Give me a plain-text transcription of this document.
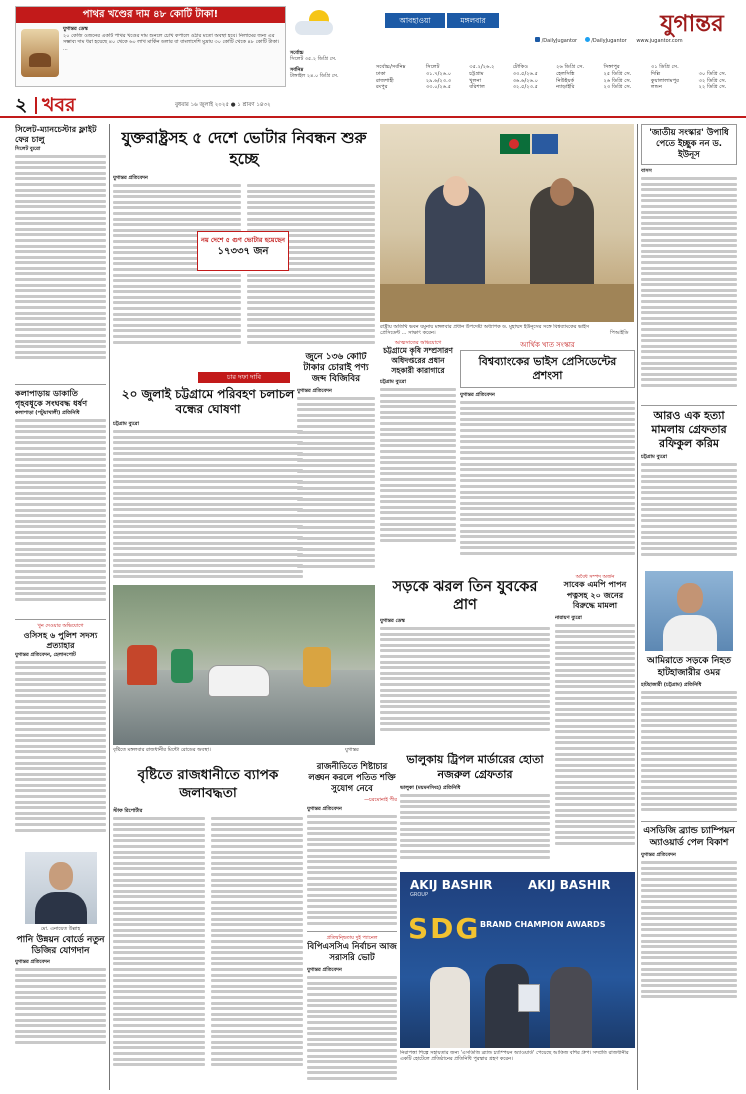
পাথর খণ্ডের দাম ৪৮ কোটি টাকা!
যুগান্তর ডেস্ক
২০ কেজি ওজনের একটি পাথর খণ্ডের দাম শুনলে চোখ কপালে ওঠার মতো অবস্থা হবে। নিলামের জন্য এর সম্ভাব্য দাম ধরা হয়েছে ৪০ থেকে ৬০ লাখ মার্কিন ডলার বা বাংলাদেশি মুদ্রায় ৩০ কোটি থেকে ৪৮ কোটি টাকা। ...
আবহাওয়া	মঙ্গলবার	যুগান্তর
/DailyJugantor	/DailyJugantor www.jugantor.com
সর্বোচ্চ
সিলেট ৩৫.২ ডিগ্রি সে.
সর্বনিম্ন
টাঙ্গাইল ২৪.০ ডিগ্রি সে.
সর্বোচ্চ/সর্বনিম্ন	সিলেট	৩৫.২/২৬.২	টোকিও	২৬ ডিগ্রি সে.	সিঙ্গাপুর	৩১ ডিগ্রি সে.	
ঢাকা	৩১.৭/২৬.০	চট্টগ্রাম	৩৩.৫/২৬.৫	হেলসিঙ্কি	২৫ ডিগ্রি সে.	দিল্লি	৩০ ডিগ্রি সে.
রাজশাহী	২৯.৬/২৩.৩	খুলনা	৩৬.৬/২৬.০	নিউইয়র্ক	২৬ ডিগ্রি সে.	কুয়ালালামপুর	৩২ ডিগ্রি সে.
রংপুর	৩৩.০/২৬.৫	বরিশাল	৩২.৫/২৩.৫	ন্যাড়াইরি	২৩ ডিগ্রি সে.	লন্ডন	২২ ডিগ্রি সে.
২ খবর	বুধবার ১৬ জুলাই ২০২৫ ● ১ শ্রাবণ ১৪৩২
সিলেট-ম্যানচেস্টার ফ্লাইট ফের চালু
সিলেট ব্যুরো
কলাপাড়ায় ডাকাতি গৃহবধূকে সংঘবদ্ধ ধর্ষণ
কলাপাড়া (পটুয়াখালী) প্রতিনিধি
খুন দেওয়ার অভিযোগে
ওসিসহ ৬ পুলিশ সদস্য প্রত্যাহার
যুগান্তর প্রতিবেদন, হেলানপোট
মো. এনায়েত উল্লাহ
পানি উন্নয়ন বোর্ডে নতুন ডিজির যোগদান
যুগান্তর প্রতিবেদন
যুক্তরাষ্ট্রসহ ৫ দেশে ভোটার নিবন্ধন শুরু হচ্ছে
যুগান্তর প্রতিবেদন
নয় দেশে ৫ গুণ ভোটার হয়েছেন
১৭৩৩৭ জন
চার দফা দাবি
২০ জুলাই চট্টগ্রামে পরিবহণ চলাচল বন্ধের ঘোষণা
চট্টগ্রাম ব্যুরো
জুনে ১৩৬ কোটি টাকার চোরাই পণ্য জব্দ বিজিবির
যুগান্তর প্রতিবেদন
বৃষ্টিতে মঙ্গলবার রাজধানীর মিন্টো রোডের অবস্থা।	যুগান্তর
বৃষ্টিতে রাজধানীতে ব্যাপক জলাবদ্ধতা
স্টাফ রিপোর্টার
রাজনীতিতে শিষ্টাচার লঙ্ঘন করলে পতিত শক্তি সুযোগ নেবে
—চরমোনাই পীর
যুগান্তর প্রতিবেদন
প্রতিদ্বন্দ্বিতায় দুই প্যানেল
বিপিএসসিএ নির্বাচন আজ সরাসরি ভোট
যুগান্তর প্রতিবেদন
রাষ্ট্রীয় অতিথি ভবন যমুনায় মঙ্গলবার প্রধান উপদেষ্টা অধ্যাপক ড. মুহাম্মদ ইউনূসের সঙ্গে বিশ্বব্যাংকের ভাইস প্রেসিডেন্ট ... সাক্ষাৎ করেন।	পিআইডি
আর্থিক খাত সংস্কার
বিশ্বব্যাংকের ভাইস প্রেসিডেন্টের প্রশংসা
যুগান্তর প্রতিবেদন
আত্মসাতের অভিযোগে
চট্টগ্রামে কৃষি সম্প্রসারণ অধিদপ্তরের প্রধান সহকারী কারাগারে
চট্টগ্রাম ব্যুরো
সড়কে ঝরল তিন যুবকের প্রাণ
যুগান্তর ডেস্ক
ভালুকায় ট্রিপল মার্ডারের হোতা নজরুল গ্রেফতার
ভালুকা (ময়মনসিংহ) প্রতিনিধি
অবৈধ সম্পদ অর্জন
সাবেক এমপি পাপন পত্নসহ ২০ জনের বিরুদ্ধে মামলা
নারায়ণ ব্যুরো
AKIJ BASHIR
GROUP
AKIJ BASHIR
SDG BRAND CHAMPION AWARDS
নিরাপত্তা শিল্পে সহায়তার জন্য 'এসডিজি ব্র্যান্ড চ্যাম্পিয়ন অ্যাওয়ার্ড' পেয়েছে আকিজ বশির গ্রুপ। সম্প্রতি রাজধানীর একটি হোটেলে প্রতিষ্ঠানের প্রতিনিধি পুরস্কার গ্রহণ করেন।
'জাতীয় সংস্কার' উপাধি পেতে ইচ্ছুক নন ড. ইউনূস
বাসস
আরও এক হত্যা মামলায় গ্রেফতার রফিকুল করিম
চট্টগ্রাম ব্যুরো
আমিরাতে সড়কে নিহত হাটহাজারীর ওমর
হাটহাজারী (চট্টগ্রাম) প্রতিনিধি
এসডিজি ব্র্যান্ড চ্যাম্পিয়ন অ্যাওয়ার্ড পেল বিকাশ
যুগান্তর প্রতিবেদন
